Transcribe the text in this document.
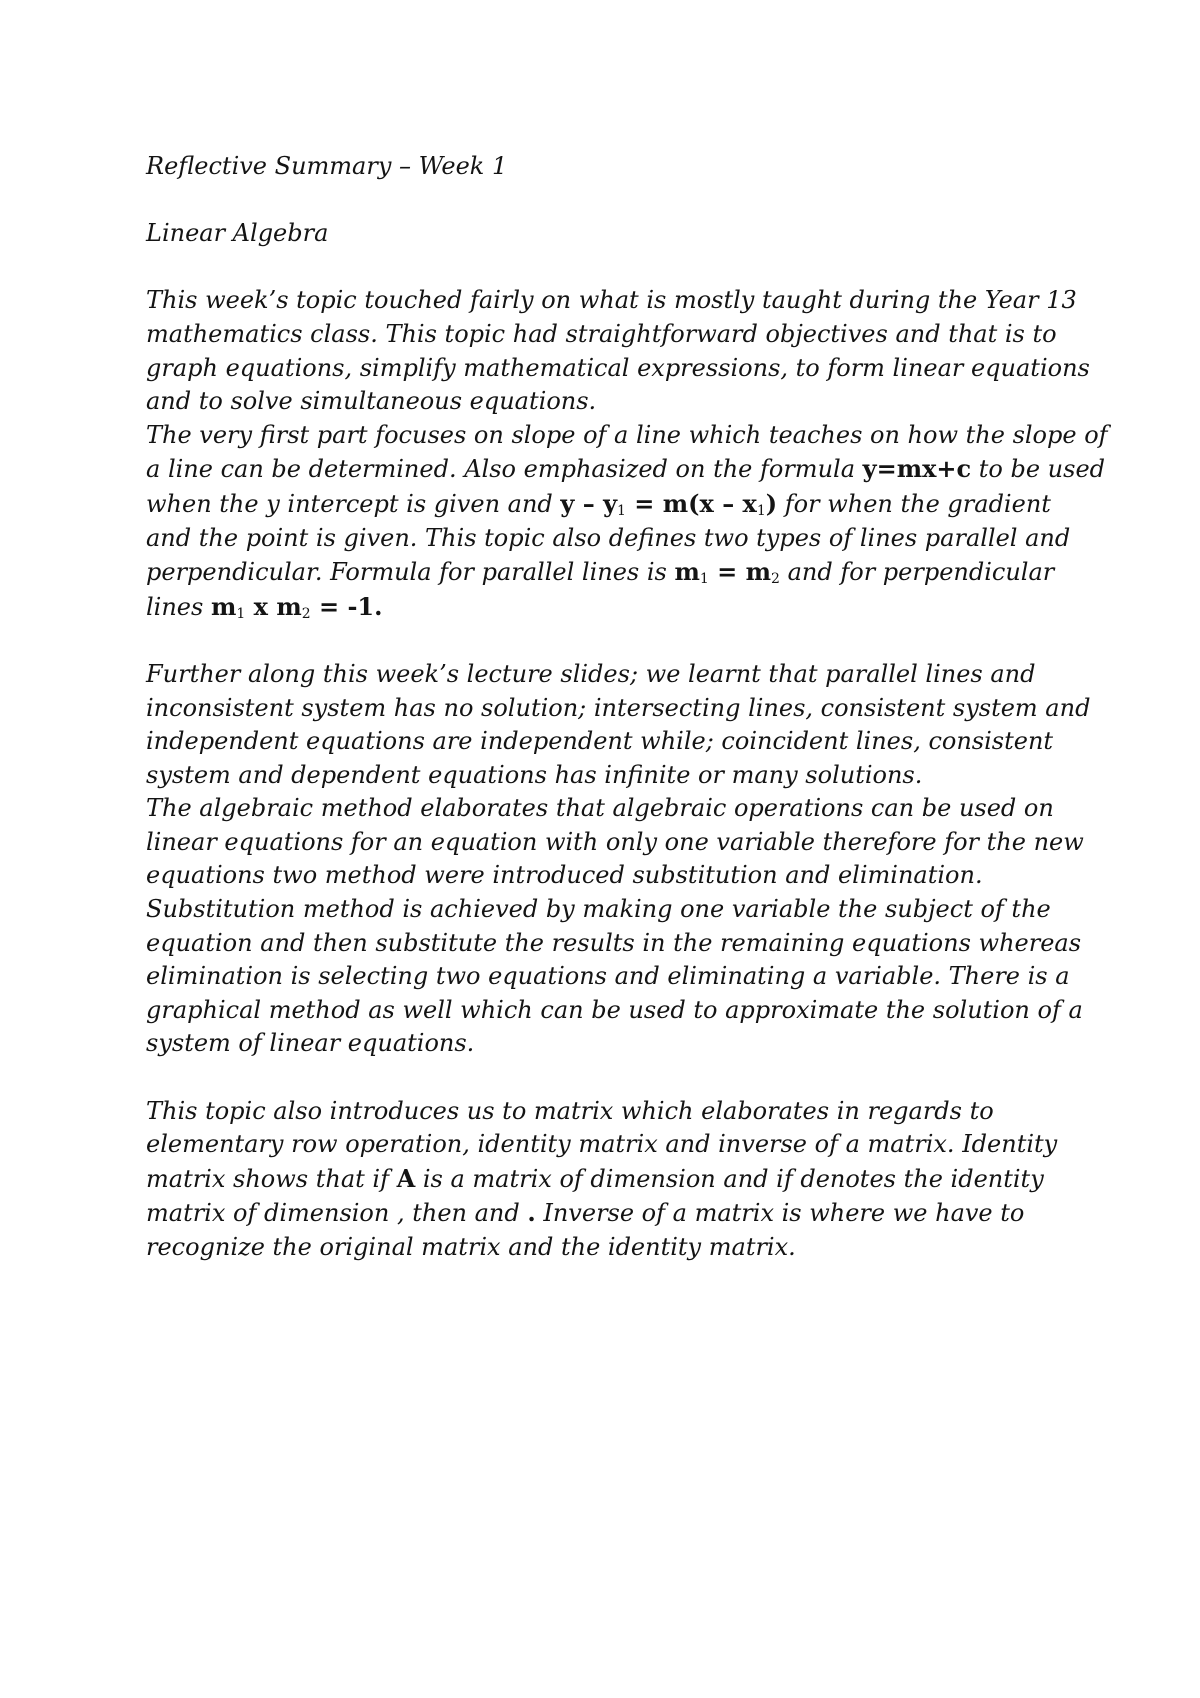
Reflective Summary – Week 1
Linear Algebra
This week’s topic touched fairly on what is mostly taught during the Year 13
mathematics class. This topic had straightforward objectives and that is to
graph equations, simplify mathematical expressions, to form linear equations
and to solve simultaneous equations.
The very first part focuses on slope of a line which teaches on how the slope of
a line can be determined. Also emphasized on the formula y=mx+c to be used
when the y intercept is given and $y - y_1 = m(x - x_1)$ for when the gradient
and the point is given. This topic also defines two types of lines parallel and
perpendicular. Formula for parallel lines is $m_1 = m_2$ and for perpendicular
lines $m_1$ x $m_2 = -1$.
Further along this week’s lecture slides; we learnt that parallel lines and
inconsistent system has no solution; intersecting lines, consistent system and
independent equations are independent while; coincident lines, consistent
system and dependent equations has infinite or many solutions.
The algebraic method elaborates that algebraic operations can be used on
linear equations for an equation with only one variable therefore for the new
equations two method were introduced substitution and elimination.
Substitution method is achieved by making one variable the subject of the
equation and then substitute the results in the remaining equations whereas
elimination is selecting two equations and eliminating a variable. There is a
graphical method as well which can be used to approximate the solution of a
system of linear equations.
This topic also introduces us to matrix which elaborates in regards to
elementary row operation, identity matrix and inverse of a matrix. Identity
matrix shows that if A is a matrix of dimension and if denotes the identity
matrix of dimension , then and . Inverse of a matrix is where we have to
recognize the original matrix and the identity matrix.
